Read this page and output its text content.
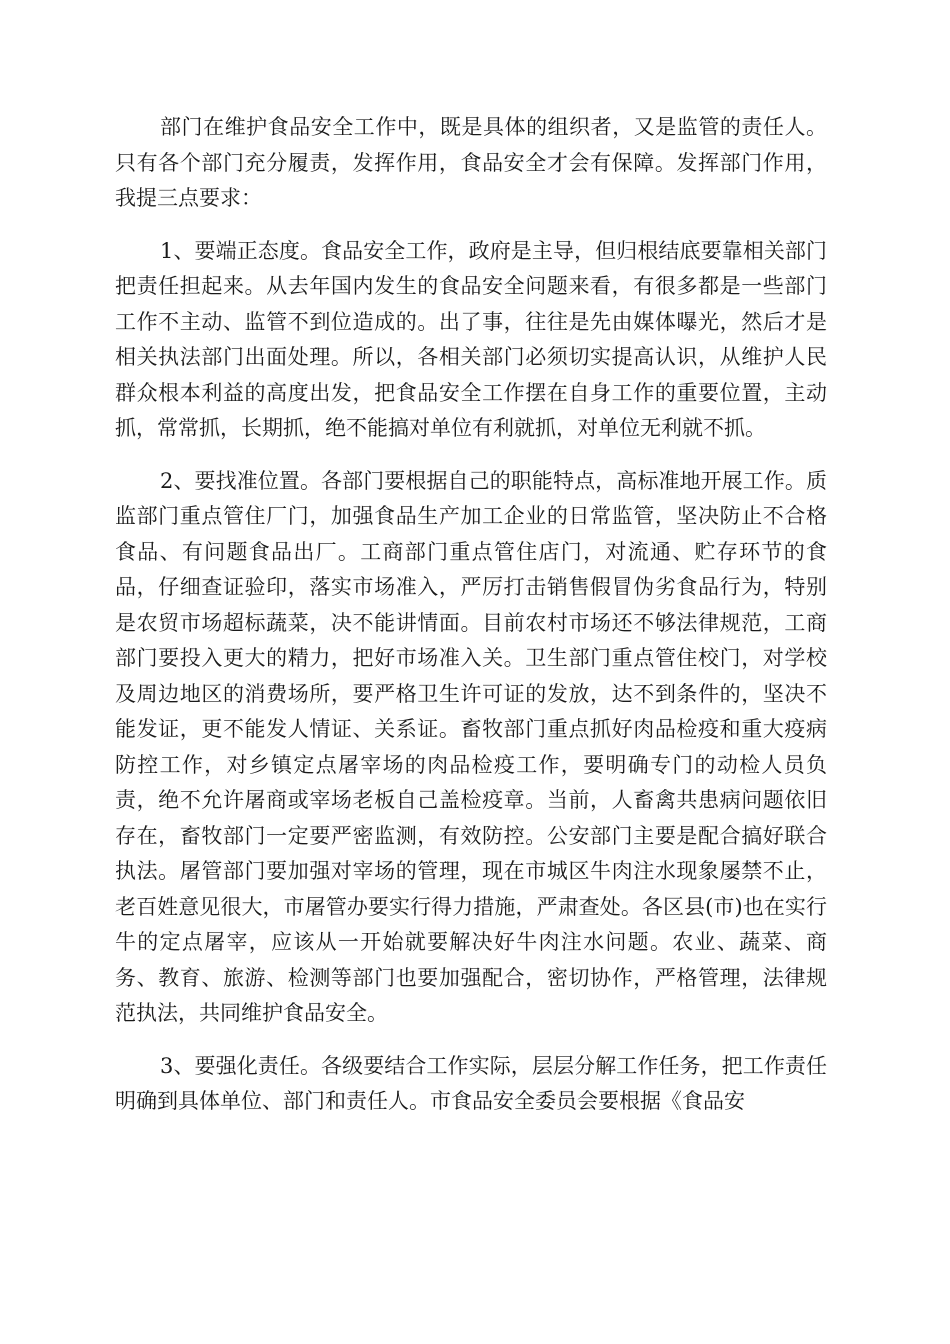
部门在维护食品安全工作中，既是具体的组织者，又是监管的责任人。只有各个部门充分履责，发挥作用，食品安全才会有保障。发挥部门作用，我提三点要求：

1、要端正态度。食品安全工作，政府是主导，但归根结底要靠相关部门把责任担起来。从去年国内发生的食品安全问题来看，有很多都是一些部门工作不主动、监管不到位造成的。出了事，往往是先由媒体曝光，然后才是相关执法部门出面处理。所以，各相关部门必须切实提高认识，从维护人民群众根本利益的高度出发，把食品安全工作摆在自身工作的重要位置，主动抓，常常抓，长期抓，绝不能搞对单位有利就抓，对单位无利就不抓。

2、要找准位置。各部门要根据自己的职能特点，高标准地开展工作。质监部门重点管住厂门，加强食品生产加工企业的日常监管，坚决防止不合格食品、有问题食品出厂。工商部门重点管住店门，对流通、贮存环节的食品，仔细查证验印，落实市场准入，严厉打击销售假冒伪劣食品行为，特别是农贸市场超标蔬菜，决不能讲情面。目前农村市场还不够法律规范，工商部门要投入更大的精力，把好市场准入关。卫生部门重点管住校门，对学校及周边地区的消费场所，要严格卫生许可证的发放，达不到条件的，坚决不能发证，更不能发人情证、关系证。畜牧部门重点抓好肉品检疫和重大疫病防控工作，对乡镇定点屠宰场的肉品检疫工作，要明确专门的动检人员负责，绝不允许屠商或宰场老板自己盖检疫章。当前，人畜禽共患病问题依旧存在，畜牧部门一定要严密监测，有效防控。公安部门主要是配合搞好联合执法。屠管部门要加强对宰场的管理，现在市城区牛肉注水现象屡禁不止，老百姓意见很大，市屠管办要实行得力措施，严肃查处。各区县(市)也在实行牛的定点屠宰，应该从一开始就要解决好牛肉注水问题。农业、蔬菜、商务、教育、旅游、检测等部门也要加强配合，密切协作，严格管理，法律规范执法，共同维护食品安全。

3、要强化责任。各级要结合工作实际，层层分解工作任务，把工作责任明确到具体单位、部门和责任人。市食品安全委员会要根据《食品安
